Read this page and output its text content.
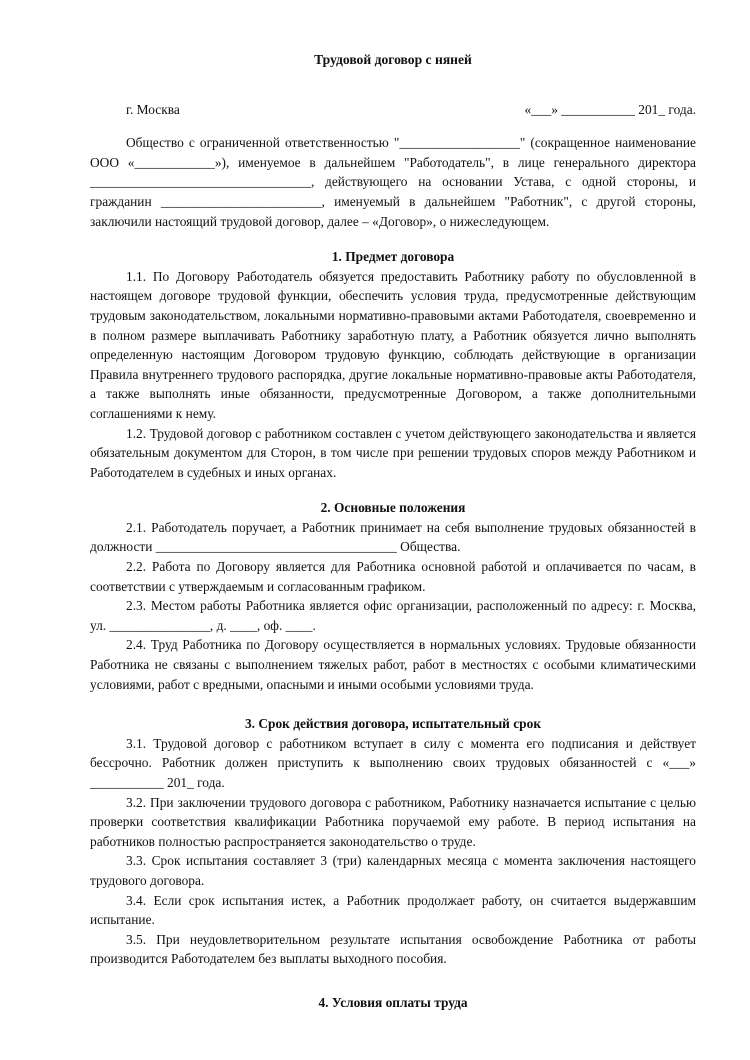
Трудовой договор с няней
г. Москва	«___» ___________ 201_ года.

Общество с ограниченной ответственностью "__________________" (сокращенное наименование ООО «____________»), именуемое в дальнейшем "Работодатель", в лице генерального директора _________________________________, действующего на основании Устава, с одной стороны, и гражданин ________________________, именуемый в дальнейшем "Работник", с другой стороны, заключили настоящий трудовой договор, далее – «Договор», о нижеследующем.

1. Предмет договора

1.1. По Договору Работодатель обязуется предоставить Работнику работу по обусловленной в настоящем договоре трудовой функции, обеспечить условия труда, предусмотренные действующим трудовым законодательством, локальными нормативно-правовыми актами Работодателя, своевременно и в полном размере выплачивать Работнику заработную плату, а Работник обязуется лично выполнять определенную настоящим Договором трудовую функцию, соблюдать действующие в организации Правила внутреннего трудового распорядка, другие локальные нормативно-правовые акты Работодателя, а также выполнять иные обязанности, предусмотренные Договором, а также дополнительными соглашениями к нему.

1.2. Трудовой договор с работником составлен с учетом действующего законодательства и является обязательным документом для Сторон, в том числе при решении трудовых споров между Работником и Работодателем в судебных и иных органах.

2. Основные положения

2.1. Работодатель поручает, а Работник принимает на себя выполнение трудовых обязанностей в должности ____________________________________ Общества.

2.2. Работа по Договору является для Работника основной работой и оплачивается по часам, в соответствии с утверждаемым и согласованным графиком.

2.3. Местом работы Работника является офис организации, расположенный по адресу: г. Москва, ул. _______________, д. ____, оф. ____.

2.4. Труд Работника по Договору осуществляется в нормальных условиях. Трудовые обязанности Работника не связаны с выполнением тяжелых работ, работ в местностях с особыми климатическими условиями, работ с вредными, опасными и иными особыми условиями труда.

3. Срок действия договора, испытательный срок

3.1. Трудовой договор с работником вступает в силу с момента его подписания и действует бессрочно. Работник должен приступить к выполнению своих трудовых обязанностей с «___» ___________ 201_ года.

3.2. При заключении трудового договора с работником, Работнику назначается испытание с целью проверки соответствия квалификации Работника поручаемой ему работе. В период испытания на работников полностью распространяется законодательство о труде.

3.3. Срок испытания составляет 3 (три) календарных месяца с момента заключения настоящего трудового договора.

3.4. Если срок испытания истек, а Работник продолжает работу, он считается выдержавшим испытание.

3.5. При неудовлетворительном результате испытания освобождение Работника от работы производится Работодателем без выплаты выходного пособия.

4. Условия оплаты труда
